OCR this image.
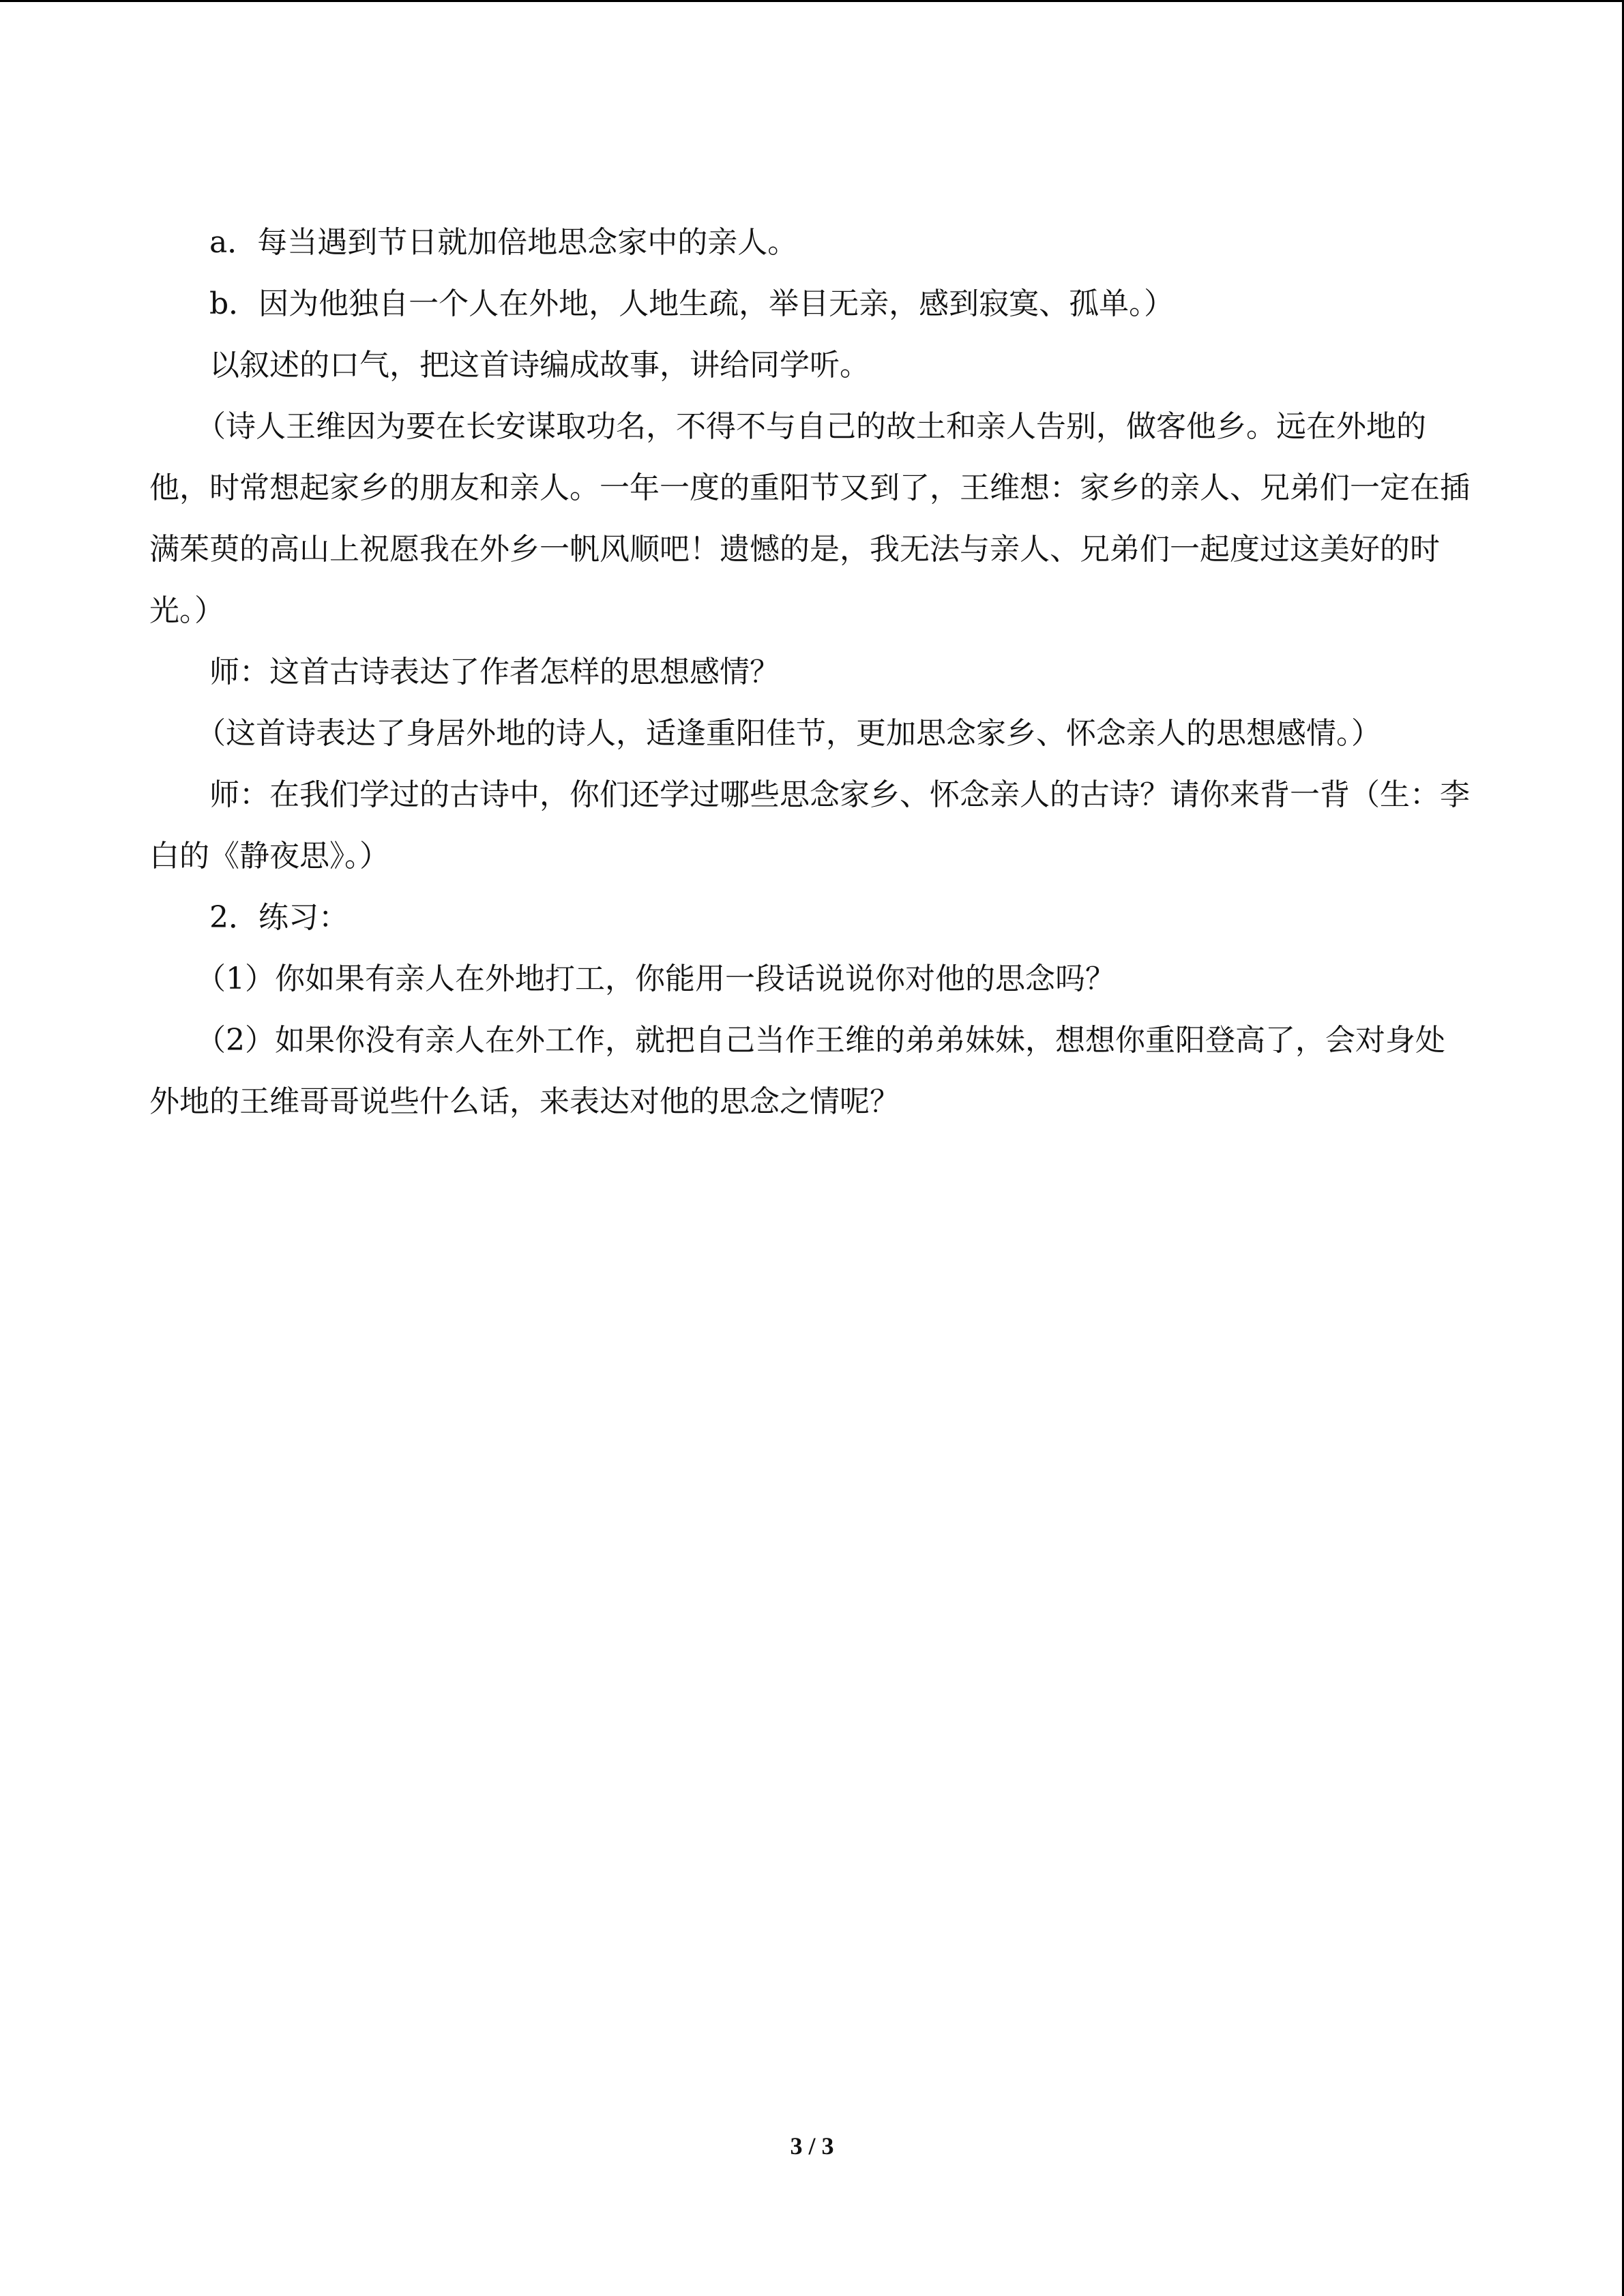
a．每当遇到节日就加倍地思念家中的亲人。

b．因为他独自一个人在外地，人地生疏，举目无亲，感到寂寞、孤单。）

以叙述的口气，把这首诗编成故事，讲给同学听。

（诗人王维因为要在长安谋取功名，不得不与自己的故土和亲人告别，做客他乡。远在外地的他，时常想起家乡的朋友和亲人。一年一度的重阳节又到了，王维想：家乡的亲人、兄弟们一定在插满茱萸的高山上祝愿我在外乡一帆风顺吧！遗憾的是，我无法与亲人、兄弟们一起度过这美好的时光。）

师：这首古诗表达了作者怎样的思想感情？

（这首诗表达了身居外地的诗人，适逢重阳佳节，更加思念家乡、怀念亲人的思想感情。）

师：在我们学过的古诗中，你们还学过哪些思念家乡、怀念亲人的古诗？请你来背一背（生：李白的《静夜思》。）

2．练习：

（1）你如果有亲人在外地打工，你能用一段话说说你对他的思念吗？

（2）如果你没有亲人在外工作，就把自己当作王维的弟弟妹妹，想想你重阳登高了，会对身处外地的王维哥哥说些什么话，来表达对他的思念之情呢？

3 / 3
